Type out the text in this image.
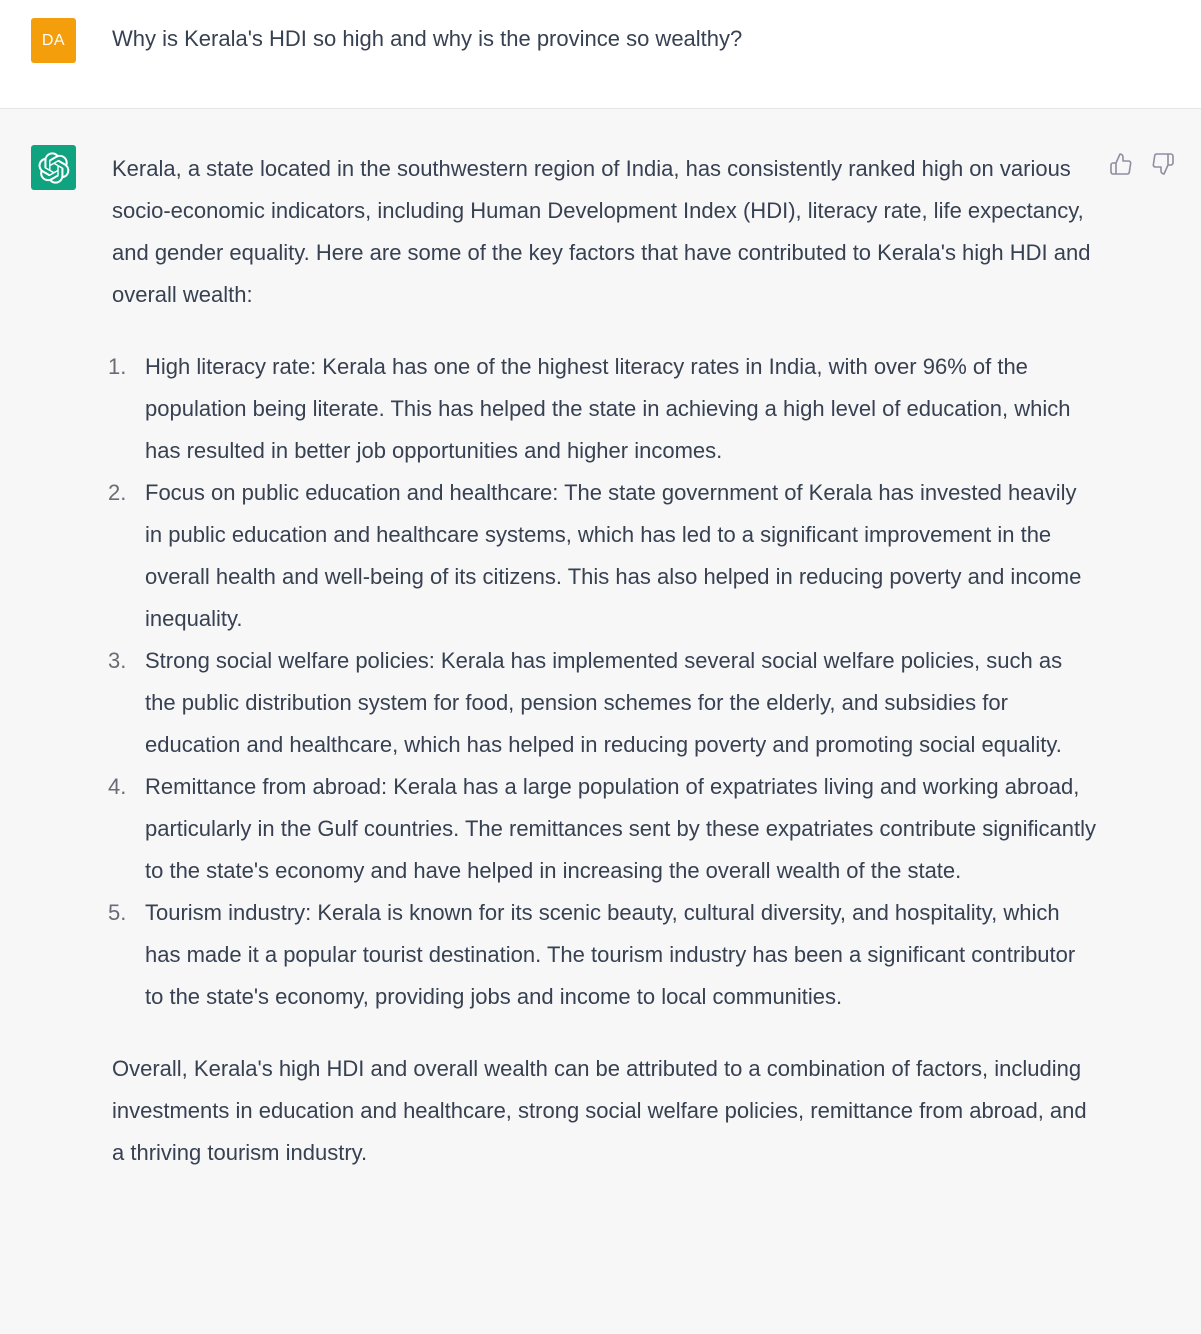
DA	Why is Kerala's HDI so high and why is the province so wealthy?

Kerala, a state located in the southwestern region of India, has consistently ranked high on various socio-economic indicators, including Human Development Index (HDI), literacy rate, life expectancy, and gender equality. Here are some of the key factors that have contributed to Kerala's high HDI and overall wealth:

1. High literacy rate: Kerala has one of the highest literacy rates in India, with over 96% of the population being literate. This has helped the state in achieving a high level of education, which has resulted in better job opportunities and higher incomes.
2. Focus on public education and healthcare: The state government of Kerala has invested heavily in public education and healthcare systems, which has led to a significant improvement in the overall health and well-being of its citizens. This has also helped in reducing poverty and income inequality.
3. Strong social welfare policies: Kerala has implemented several social welfare policies, such as the public distribution system for food, pension schemes for the elderly, and subsidies for education and healthcare, which has helped in reducing poverty and promoting social equality.
4. Remittance from abroad: Kerala has a large population of expatriates living and working abroad, particularly in the Gulf countries. The remittances sent by these expatriates contribute significantly to the state's economy and have helped in increasing the overall wealth of the state.
5. Tourism industry: Kerala is known for its scenic beauty, cultural diversity, and hospitality, which has made it a popular tourist destination. The tourism industry has been a significant contributor to the state's economy, providing jobs and income to local communities.

Overall, Kerala's high HDI and overall wealth can be attributed to a combination of factors, including investments in education and healthcare, strong social welfare policies, remittance from abroad, and a thriving tourism industry.
